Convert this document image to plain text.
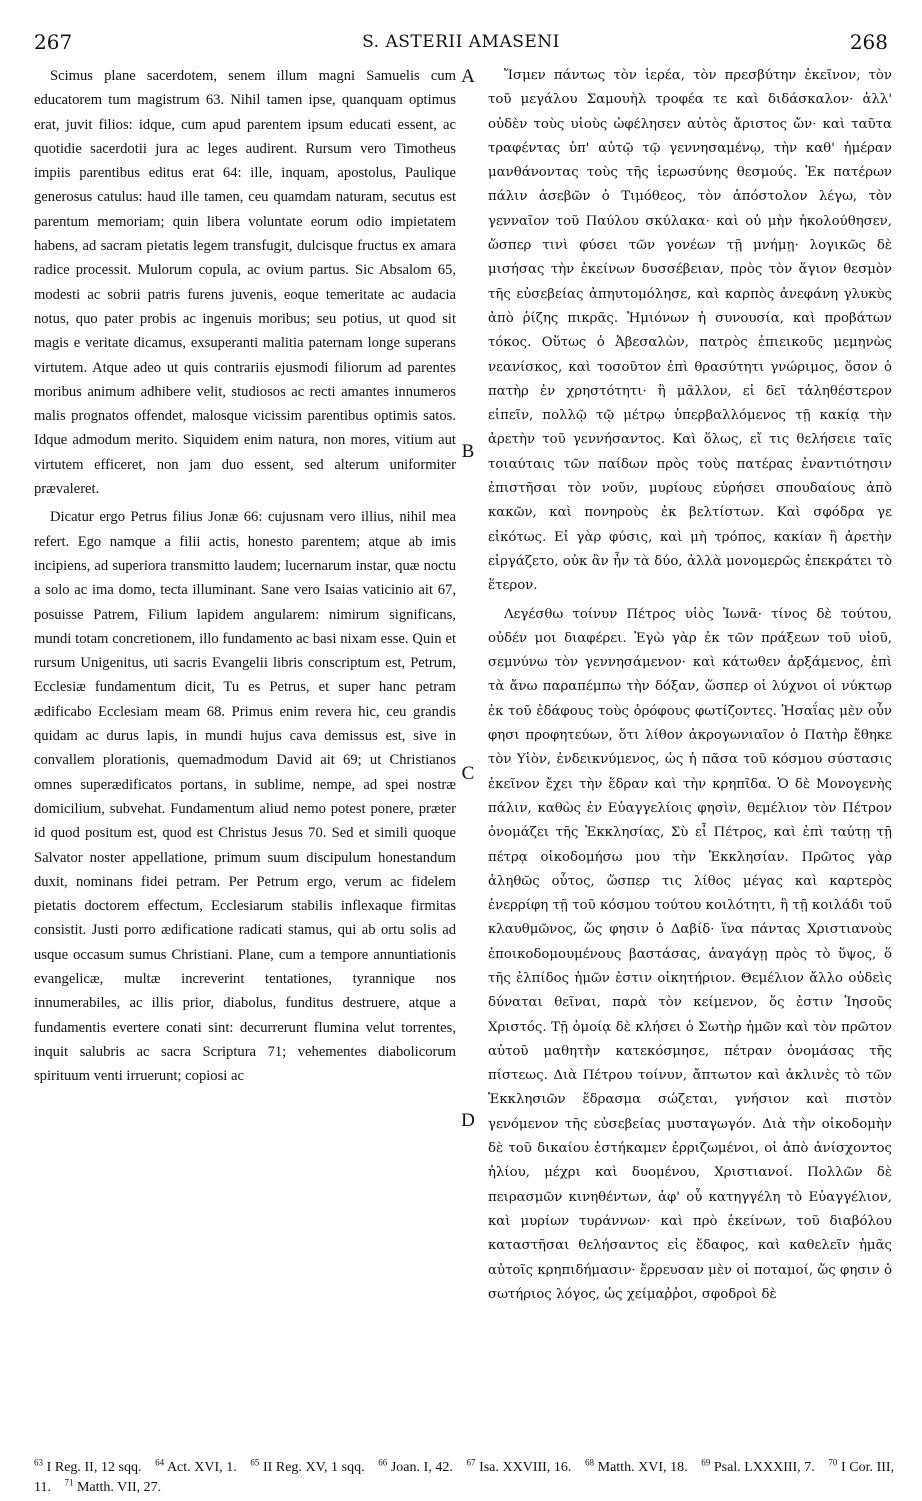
267	S. ASTERII AMASENI	268

Scimus plane sacerdotem, senem illum magni Samuelis cum educatorem tum magistrum 63. Nihil tamen ipse, quanquam optimus erat, juvit filios: idque, cum apud parentem ipsum educati essent, ac quotidie sacerdotii jura ac leges audirent. Rursum vero Timotheus impiis parentibus editus erat 64: ille, inquam, apostolus, Paulique generosus catulus: haud ille tamen, ceu quamdam naturam, secutus est parentum memoriam; quin libera voluntate eorum odio impietatem habens, ad sacram pietatis legem transfugit, dulcisque fructus ex amara radice processit. Mulorum copula, ac ovium partus. Sic Absalom 65, modesti ac sobrii patris furens juvenis, eoque temeritate ac audacia notus, quo pater probis ac ingenuis moribus; seu potius, ut quod sit magis e veritate dicamus, exsuperanti malitia paternam longe superans virtutem. Atque adeo ut quis contrariis ejusmodi filiorum ad parentes moribus animum adhibere velit, studiosos ac recti amantes innumeros malis prognatos offendet, malosque vicissim parentibus optimis satos. Idque admodum merito. Siquidem enim natura, non mores, vitium aut virtutem efficeret, non jam duo essent, sed alterum uniformiter prævaleret.

Dicatur ergo Petrus filius Jonæ 66: cujusnam vero illius, nihil mea refert. Ego namque a filii actis, honesto parentem; atque ab imis incipiens, ad superiora transmitto laudem; lucernarum instar, quæ noctu a solo ac ima domo, tecta illuminant. Sane vero Isaias vaticinio ait 67, posuisse Patrem, Filium lapidem angularem: nimirum significans, mundi totam concretionem, illo fundamento ac basi nixam esse. Quin et rursum Unigenitus, uti sacris Evangelii libris conscriptum est, Petrum, Ecclesiæ fundamentum dicit, Tu es Petrus, et super hanc petram ædificabo Ecclesiam meam 68. Primus enim revera hic, ceu grandis quidam ac durus lapis, in mundi hujus cava demissus est, sive in convallem plorationis, quemadmodum David ait 69; ut Christianos omnes superædificatos portans, in sublime, nempe, ad spei nostræ domicilium, subvehat. Fundamentum aliud nemo potest ponere, præter id quod positum est, quod est Christus Jesus 70. Sed et simili quoque Salvator noster appellatione, primum suum discipulum honestandum duxit, nominans fidei petram. Per Petrum ergo, verum ac fidelem pietatis doctorem effectum, Ecclesiarum stabilis inflexaque firmitas consistit. Justi porro ædificatione radicati stamus, qui ab ortu solis ad usque occasum sumus Christiani. Plane, cum a tempore annuntiationis evangelicæ, multæ increverint tentationes, tyrannique nos innumerabiles, ac illis prior, diabolus, funditus destruere, atque a fundamentis evertere conati sint: decurrerunt flumina velut torrentes, inquit salubris ac sacra Scriptura 71; vehementes diabolicorum spirituum venti irruerunt; copiosi ac

A
B
C
D

Ἴσμεν πάντως τὸν ἱερέα, τὸν πρεσβύτην ἐκεῖνον, τὸν τοῦ μεγάλου Σαμουὴλ τροφέα τε καὶ διδάσκαλον· ἀλλ' οὐδὲν τοὺς υἱοὺς ὠφέλησεν αὐτὸς ἄριστος ὤν· καὶ ταῦτα τραφέντας ὑπ' αὐτῷ τῷ γεννησαμένῳ, τὴν καθ' ἡμέραν μανθάνοντας τοὺς τῆς ἱερωσύνης θεσμούς. Ἐκ πατέρων πάλιν ἀσεβῶν ὁ Τιμόθεος, τὸν ἀπόστολον λέγω, τὸν γενναῖον τοῦ Παύλου σκύλακα· καὶ οὐ μὴν ἠκολούθησεν, ὥσπερ τινὶ φύσει τῶν γονέων τῇ μνήμῃ· λογικῶς δὲ μισήσας τὴν ἐκείνων δυσσέβειαν, πρὸς τὸν ἅγιον θεσμὸν τῆς εὐσεβείας ἀπηυτομόλησε, καὶ καρπὸς ἀνεφάνη γλυκὺς ἀπὸ ῥίζης πικρᾶς. Ἡμιόνων ἡ συνουσία, καὶ προβάτων τόκος. Οὕτως ὁ Ἀβεσαλὼν, πατρὸς ἐπιεικοῦς μεμηνὼς νεανίσκος, καὶ τοσοῦτον ἐπὶ θρασύτητι γνώριμος, ὅσον ὁ πατὴρ ἐν χρηστότητι· ἢ μᾶλλον, εἰ δεῖ τἀληθέστερον εἰπεῖν, πολλῷ τῷ μέτρῳ ὑπερβαλλόμενος τῇ κακίᾳ τὴν ἀρετὴν τοῦ γεννήσαντος. Καὶ ὅλως, εἴ τις θελήσειε ταῖς τοιαύταις τῶν παίδων πρὸς τοὺς πατέρας ἐναντιότησιν ἐπιστῆσαι τὸν νοῦν, μυρίους εὑρήσει σπουδαίους ἀπὸ κακῶν, καὶ πονηροὺς ἐκ βελτίστων. Καὶ σφόδρα γε εἰκότως. Εἰ γὰρ φύσις, καὶ μὴ τρόπος, κακίαν ἢ ἀρετὴν εἰργάζετο, οὐκ ἂν ἦν τὰ δύο, ἀλλὰ μονομερῶς ἐπεκράτει τὸ ἕτερον.

Λεγέσθω τοίνυν Πέτρος υἱὸς Ἰωνᾶ· τίνος δὲ τούτου, οὐδέν μοι διαφέρει. Ἐγὼ γὰρ ἐκ τῶν πράξεων τοῦ υἱοῦ, σεμνύνω τὸν γεννησάμενον· καὶ κάτωθεν ἀρξάμενος, ἐπὶ τὰ ἄνω παραπέμπω τὴν δόξαν, ὥσπερ οἱ λύχνοι οἱ νύκτωρ ἐκ τοῦ ἐδάφους τοὺς ὀρόφους φωτίζοντες. Ἡσαΐας μὲν οὖν φησι προφητεύων, ὅτι λίθον ἀκρογωνιαῖον ὁ Πατὴρ ἔθηκε τὸν Υἱὸν, ἐνδεικνύμενος, ὡς ἡ πᾶσα τοῦ κόσμου σύστασις ἐκεῖνον ἔχει τὴν ἕδραν καὶ τὴν κρηπῖδα. Ὁ δὲ Μονογενὴς πάλιν, καθὼς ἐν Εὐαγγελίοις φησὶν, θεμέλιον τὸν Πέτρον ὀνομάζει τῆς Ἐκκλησίας, Σὺ εἶ Πέτρος, καὶ ἐπὶ ταύτῃ τῇ πέτρᾳ οἰκοδομήσω μου τὴν Ἐκκλησίαν. Πρῶτος γὰρ ἀληθῶς οὗτος, ὥσπερ τις λίθος μέγας καὶ καρτερὸς ἐνερρίφη τῇ τοῦ κόσμου τούτου κοιλότητι, ἢ τῇ κοιλάδι τοῦ κλαυθμῶνος, ὥς φησιν ὁ Δαβίδ· ἵνα πάντας Χριστιανοὺς ἐποικοδομουμένους βαστάσας, ἀναγάγῃ πρὸς τὸ ὕψος, ὅ τῆς ἐλπίδος ἡμῶν ἐστιν οἰκητήριον. Θεμέλιον ἄλλο οὐδεὶς δύναται θεῖναι, παρὰ τὸν κείμενον, ὅς ἐστιν Ἰησοῦς Χριστός. Τῇ ὁμοίᾳ δὲ κλήσει ὁ Σωτὴρ ἡμῶν καὶ τὸν πρῶτον αὐτοῦ μαθητὴν κατεκόσμησε, πέτραν ὀνομάσας τῆς πίστεως. Διὰ Πέτρου τοίνυν, ἄπτωτον καὶ ἀκλινὲς τὸ τῶν Ἐκκλησιῶν ἕδρασμα σώζεται, γνήσιον καὶ πιστὸν γενόμενον τῆς εὐσεβείας μυσταγωγόν. Διὰ τὴν οἰκοδομὴν δὲ τοῦ δικαίου ἑστήκαμεν ἐρριζωμένοι, οἱ ἀπὸ ἀνίσχοντος ἡλίου, μέχρι καὶ δυομένου, Χριστιανοί. Πολλῶν δὲ πειρασμῶν κινηθέντων, ἀφ' οὗ κατηγγέλη τὸ Εὐαγγέλιον, καὶ μυρίων τυράννων· καὶ πρὸ ἐκείνων, τοῦ διαβόλου καταστῆσαι θελήσαντος εἰς ἔδαφος, καὶ καθελεῖν ἡμᾶς αὐτοῖς κρηπιδήμασιν· ἔρρευσαν μὲν οἱ ποταμοί, ὥς φησιν ὁ σωτήριος λόγος, ὡς χείμαῤῥοι, σφοδροὶ δὲ

$^{63}$ I Reg. II, 12 sqq. $^{64}$ Act. XVI, 1. $^{65}$ II Reg. XV, 1 sqq. $^{66}$ Joan. I, 42. $^{67}$ Isa. XXVIII, 16. $^{68}$ Matth. XVI, 18. $^{69}$ Psal. LXXXIII, 7. $^{70}$ I Cor. III, 11. $^{71}$ Matth. VII, 27.
